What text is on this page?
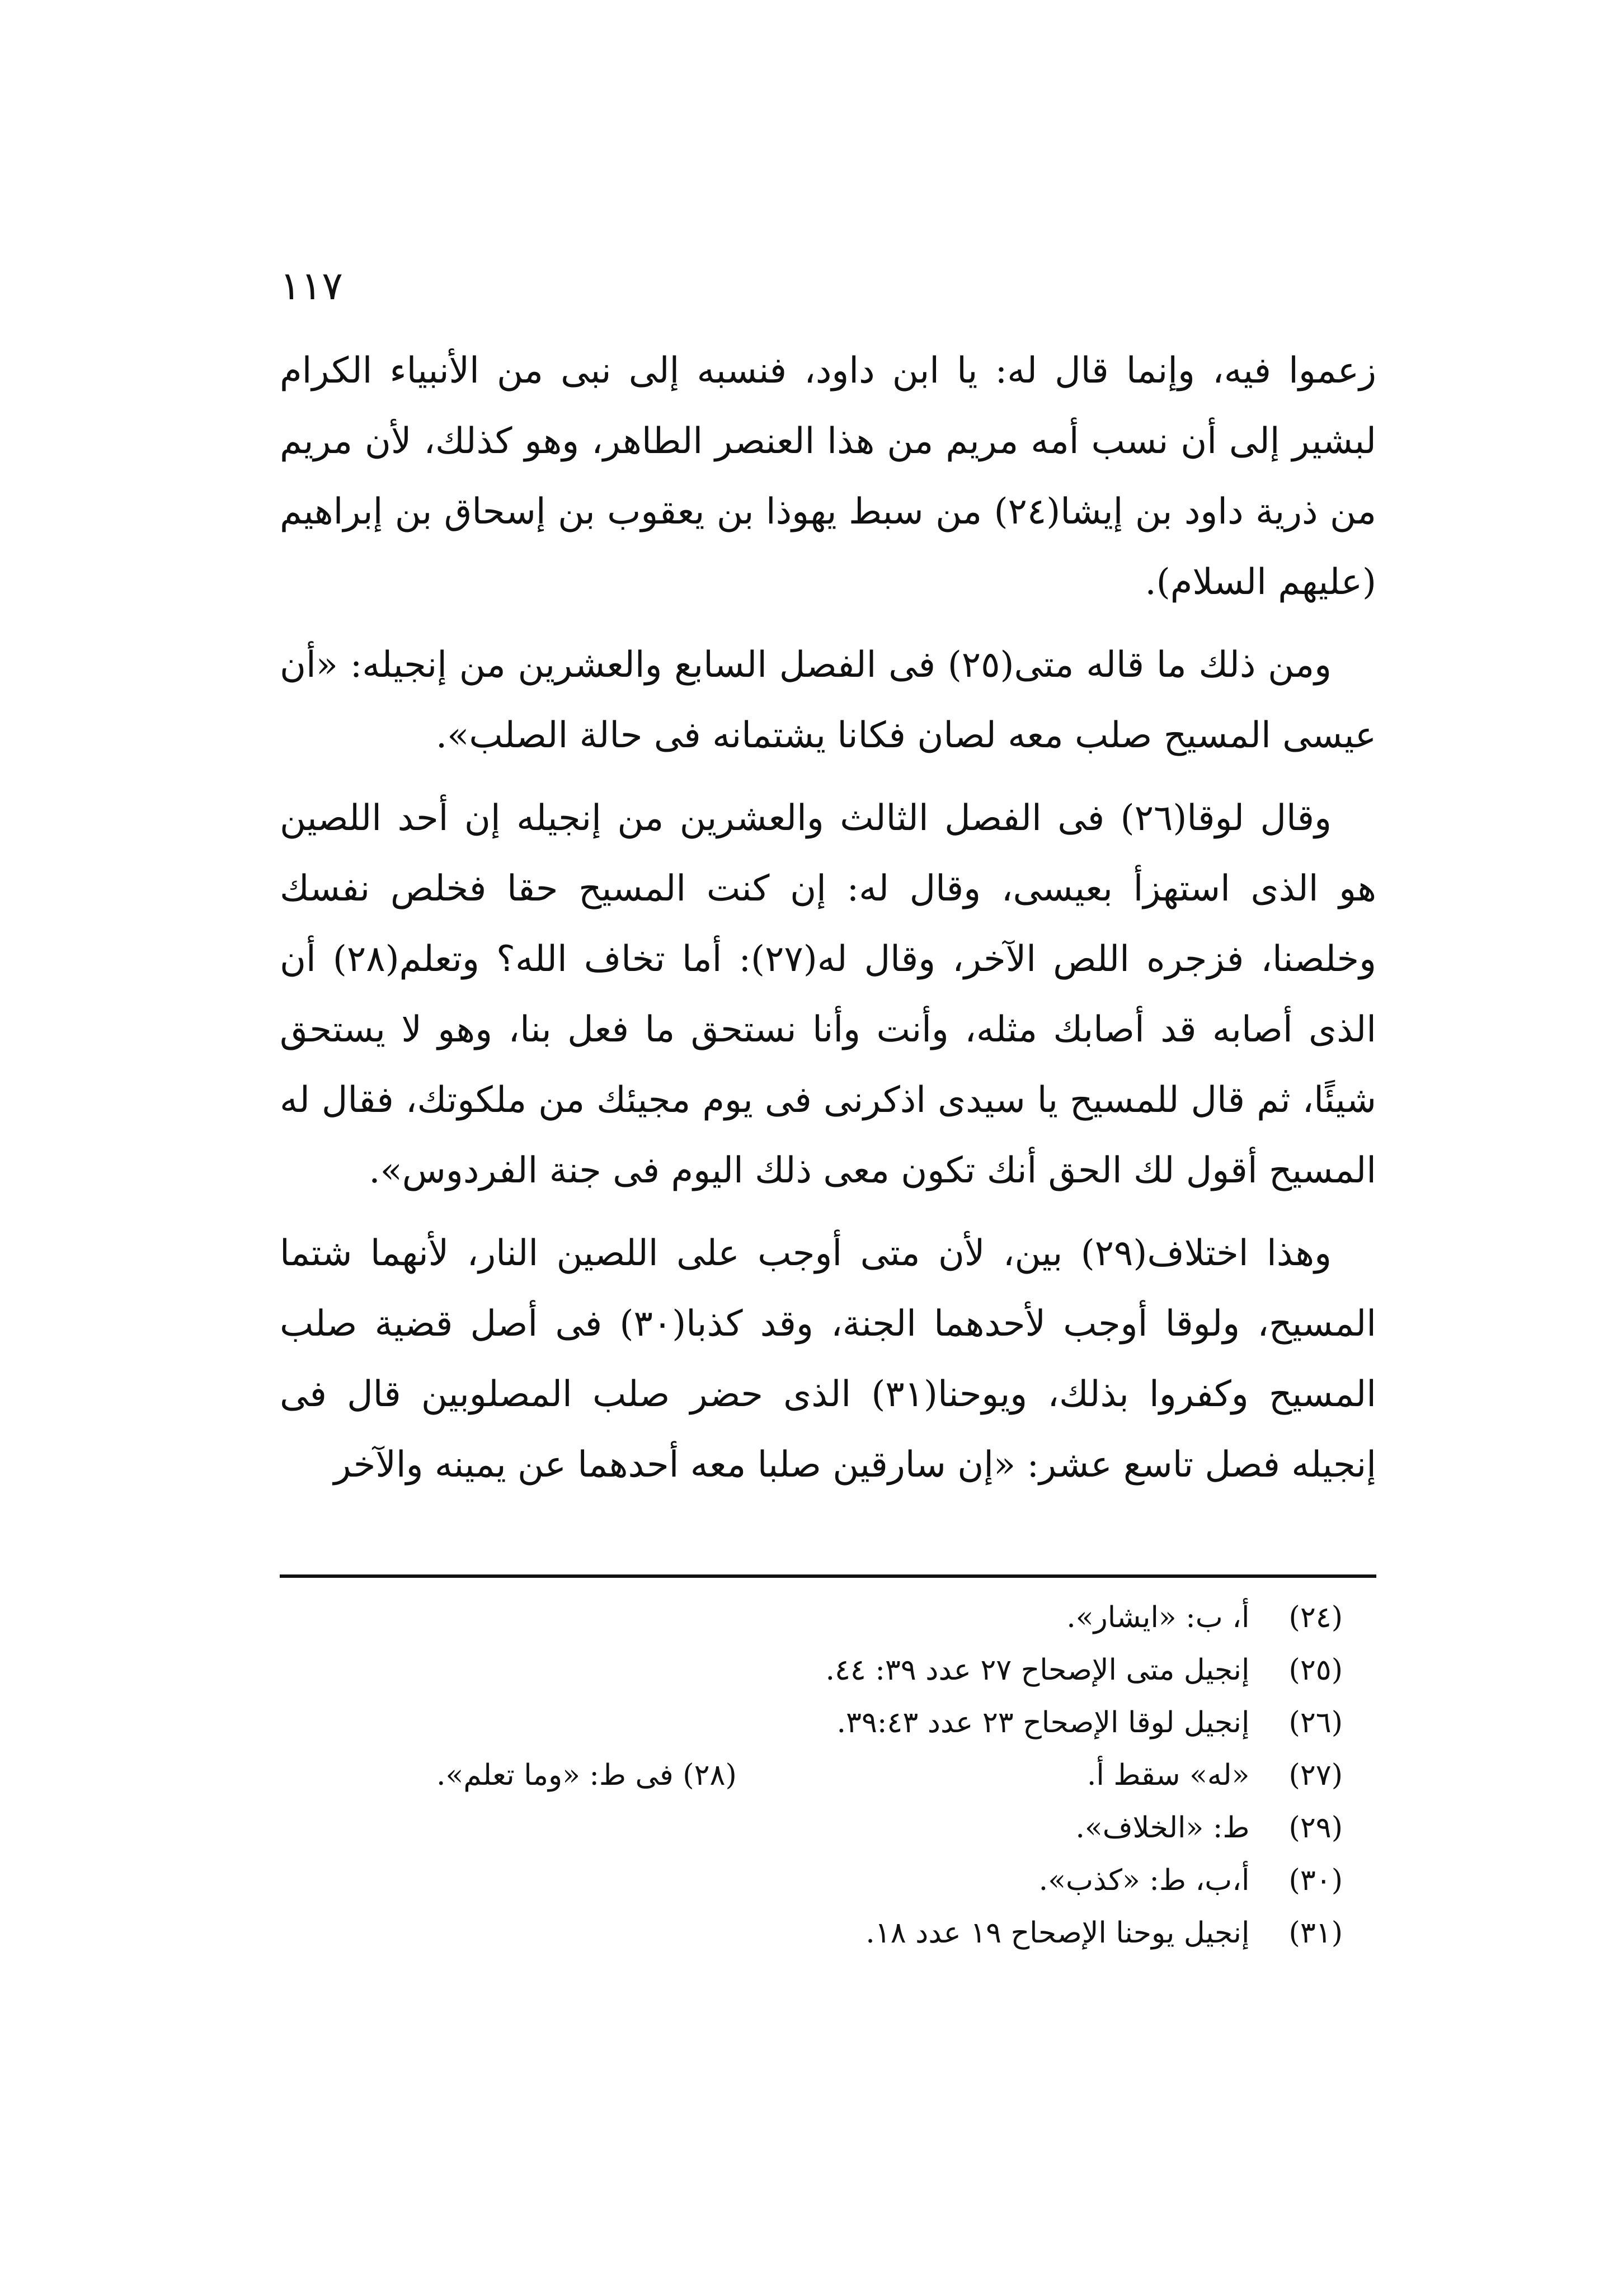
١١٧

زعموا فيه، وإنما قال له: يا ابن داود، فنسبه إلى نبى من الأنبياء الكرام لبشير إلى أن نسب أمه مريم من هذا العنصر الطاهر، وهو كذلك، لأن مريم من ذرية داود بن إيشا(٢٤) من سبط يهوذا بن يعقوب بن إسحاق بن إبراهيم (عليهم السلام).

ومن ذلك ما قاله متى(٢٥) فى الفصل السابع والعشرين من إنجيله: «أن عيسى المسيح صلب معه لصان فكانا يشتمانه فى حالة الصلب».

وقال لوقا(٢٦) فى الفصل الثالث والعشرين من إنجيله إن أحد اللصين هو الذى استهزأ بعيسى، وقال له: إن كنت المسيح حقا فخلص نفسك وخلصنا، فزجره اللص الآخر، وقال له(٢٧): أما تخاف الله؟ وتعلم(٢٨) أن الذى أصابه قد أصابك مثله، وأنت وأنا نستحق ما فعل بنا، وهو لا يستحق شيئًا، ثم قال للمسيح يا سيدى اذكرنى فى يوم مجيئك من ملكوتك، فقال له المسيح أقول لك الحق أنك تكون معى ذلك اليوم فى جنة الفردوس».

وهذا اختلاف(٢٩) بين، لأن متى أوجب على اللصين النار، لأنهما شتما المسيح، ولوقا أوجب لأحدهما الجنة، وقد كذبا(٣٠) فى أصل قضية صلب المسيح وكفروا بذلك، ويوحنا(٣١) الذى حضر صلب المصلوبين قال فى إنجيله فصل تاسع عشر: «إن سارقين صلبا معه أحدهما عن يمينه والآخر

(٢٤) أ، ب: «ايشار».
(٢٥) إنجيل متى الإصحاح ٢٧ عدد ٣٩: ٤٤.
(٢٦) إنجيل لوقا الإصحاح ٢٣ عدد ٣٩:٤٣.
(٢٧) «له» سقط أ.
(٢٨) فى ط: «وما تعلم».
(٢٩) ط: «الخلاف».
(٣٠) أ،ب، ط: «كذب».
(٣١) إنجيل يوحنا الإصحاح ١٩ عدد ١٨.
